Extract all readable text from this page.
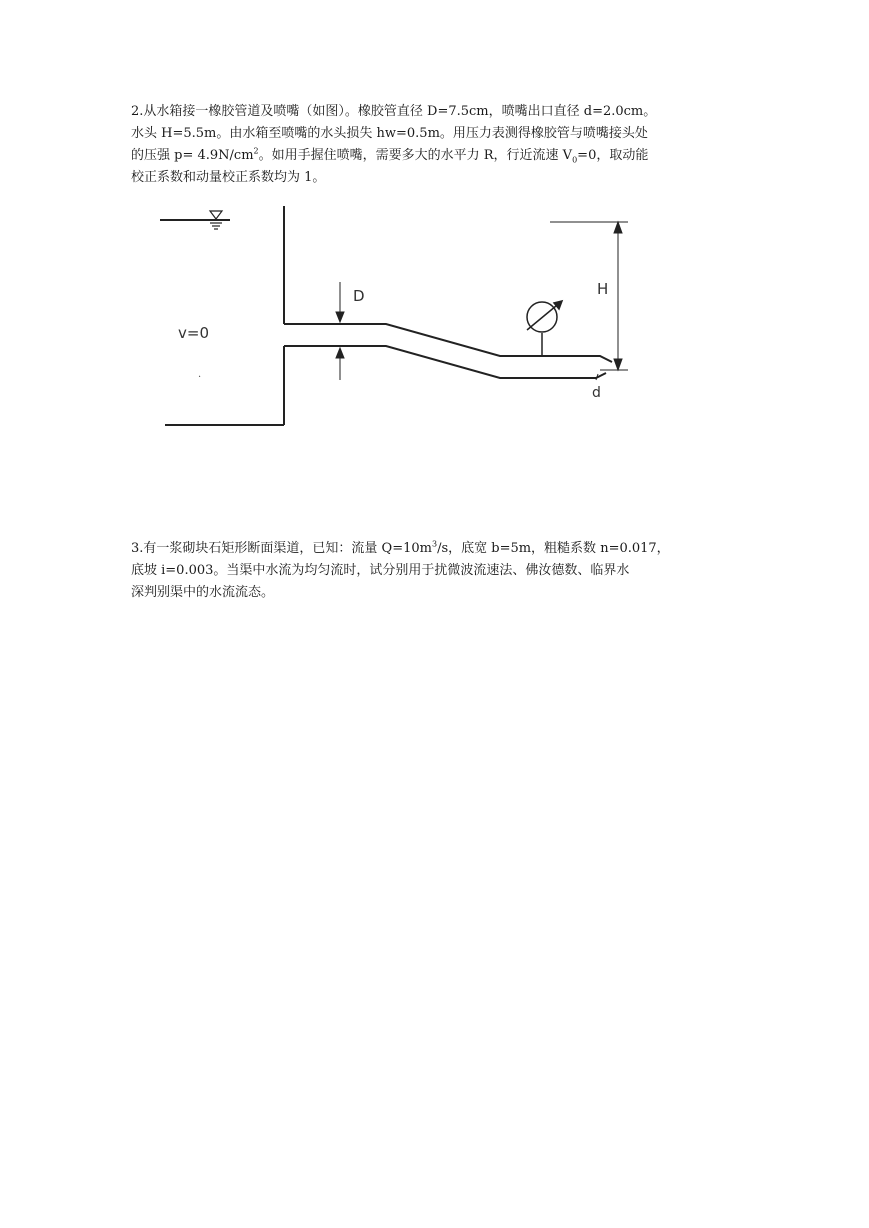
2.从水箱接一橡胶管道及喷嘴（如图）。橡胶管直径 D=7.5cm，喷嘴出口直径 d=2.0cm。

水头 H=5.5m。由水箱至喷嘴的水头损失 hw=0.5m。用压力表测得橡胶管与喷嘴接头处

的压强 $p= 4.9N/cm^2$。如用手握住喷嘴，需要多大的水平力 R，行近流速 $V_0=0$，取动能

校正系数和动量校正系数均为 1。

v=0
D	H
d
·

3.有一浆砌块石矩形断面渠道，已知：流量 $Q=10m^3/s$，底宽 b=5m，粗糙系数 n=0.017，

底坡 i=0.003。当渠中水流为均匀流时，试分别用于扰微波流速法、佛汝德数、临界水

深判别渠中的水流流态。
